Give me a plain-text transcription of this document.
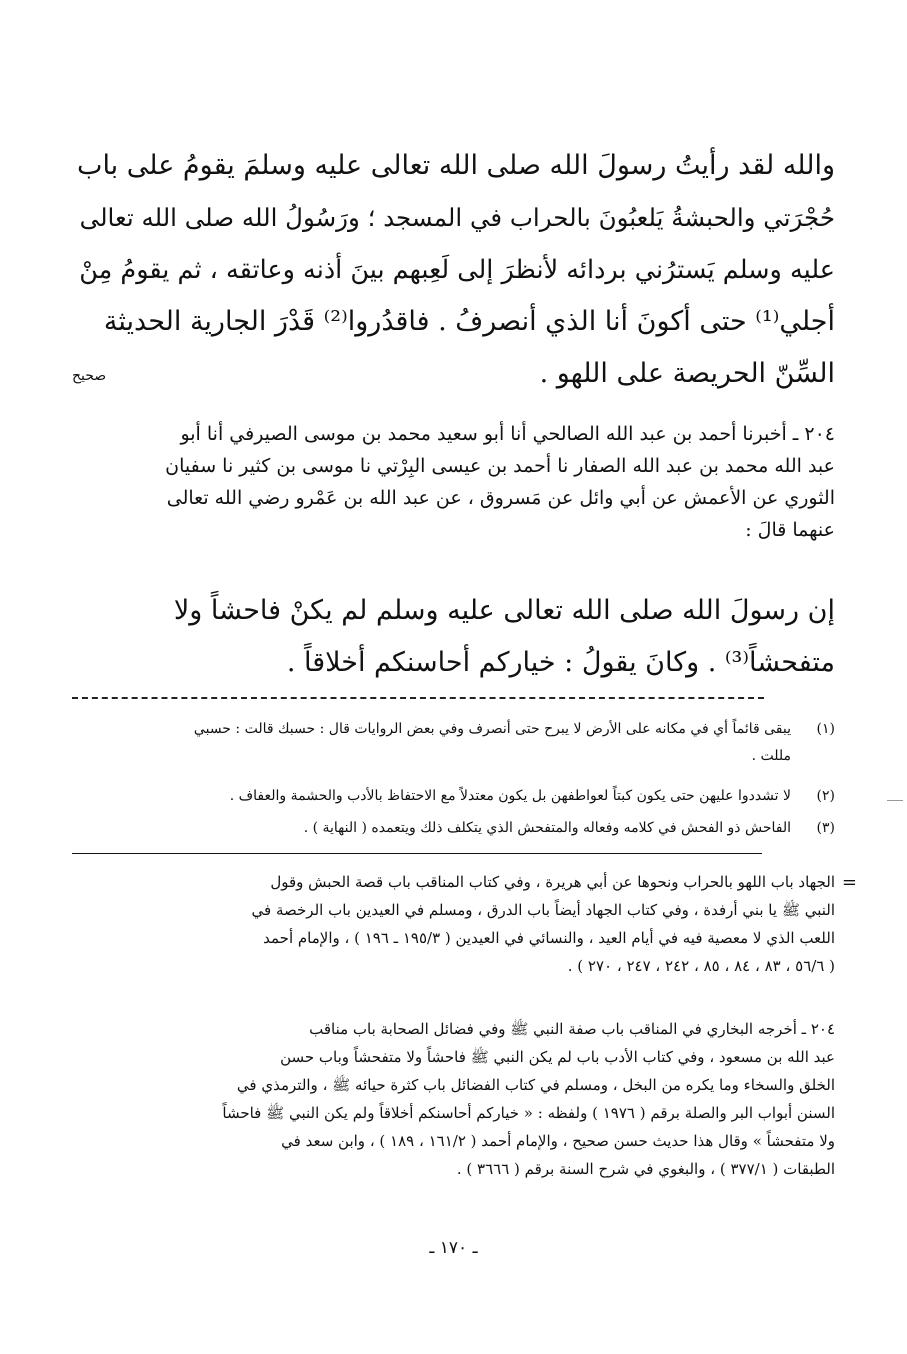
والله لقد رأيتُ رسولَ الله صلى الله تعالى عليه وسلمَ يقومُ على باب
حُجْرَتي والحبشةُ يَلعبُونَ بالحراب في المسجد ؛ ورَسُولُ الله صلى الله تعالى
عليه وسلم يَسترُني بردائه لأنظرَ إلى لَعِبهم بينَ أذنه وعاتقه ، ثم يقومُ مِنْ
أجلي⁽¹⁾ حتى أكونَ أنا الذي أنصرفُ . فاقدُروا⁽²⁾ قَدْرَ الجارية الحديثة
السِّنّ الحريصة على اللهو .
صحيح
٢٠٤ ـ أخبرنا أحمد بن عبد الله الصالحي أنا أبو سعيد محمد بن موسى الصيرفي أنا أبو
عبد الله محمد بن عبد الله الصفار نا أحمد بن عيسى البِرْتي نا موسى بن كثير نا سفيان
الثوري عن الأعمش عن أبي وائل عن مَسروق ، عن عبد الله بن عَمْرو رضي الله تعالى
عنهما قالَ :
إن رسولَ الله صلى الله تعالى عليه وسلم لم يكنْ فاحشاً ولا
متفحشاً⁽³⁾ . وكانَ يقولُ : خياركم أحاسنكم أخلاقاً .
(١)
يبقى قائماً أي في مكانه على الأرض لا يبرح حتى أنصرف وفي بعض الروايات قال : حسبك قالت : حسبي
مللت .
(٢)
لا تشددوا عليهن حتى يكون كبتاً لعواطفهن بل يكون معتدلاً مع الاحتفاظ بالأدب والحشمة والعفاف .
(٣)
الفاحش ذو الفحش في كلامه وفعاله والمتفحش الذي يتكلف ذلك ويتعمده ( النهاية ) .
=
الجهاد باب اللهو بالحراب ونحوها عن أبي هريرة ، وفي كتاب المناقب باب قصة الحبش وقول
النبي ﷺ يا بني أرفدة ، وفي كتاب الجهاد أيضاً باب الدرق ، ومسلم في العيدين باب الرخصة في
اللعب الذي لا معصية فيه في أيام العيد ، والنسائي في العيدين ( ١٩٥/٣ ـ ١٩٦ ) ، والإمام أحمد
( ٥٦/٦ ، ٨٣ ، ٨٤ ، ٨٥ ، ٢٤٢ ، ٢٤٧ ، ٢٧٠ ) .
٢٠٤ ـ أخرجه البخاري في المناقب باب صفة النبي ﷺ وفي فضائل الصحابة باب مناقب
عبد الله بن مسعود ، وفي كتاب الأدب باب لم يكن النبي ﷺ فاحشاً ولا متفحشاً وباب حسن
الخلق والسخاء وما يكره من البخل ، ومسلم في كتاب الفضائل باب كثرة حيائه ﷺ ، والترمذي في
السنن أبواب البر والصلة برقم ( ١٩٧٦ ) ولفظه : « خياركم أحاسنكم أخلاقاً ولم يكن النبي ﷺ فاحشاً
ولا متفحشاً » وقال هذا حديث حسن صحيح ، والإمام أحمد ( ١٦١/٢ ، ١٨٩ ) ، وابن سعد في
الطبقات ( ٣٧٧/١ ) ، والبغوي في شرح السنة برقم ( ٣٦٦٦ ) .
ـ ١٧٠ ـ
